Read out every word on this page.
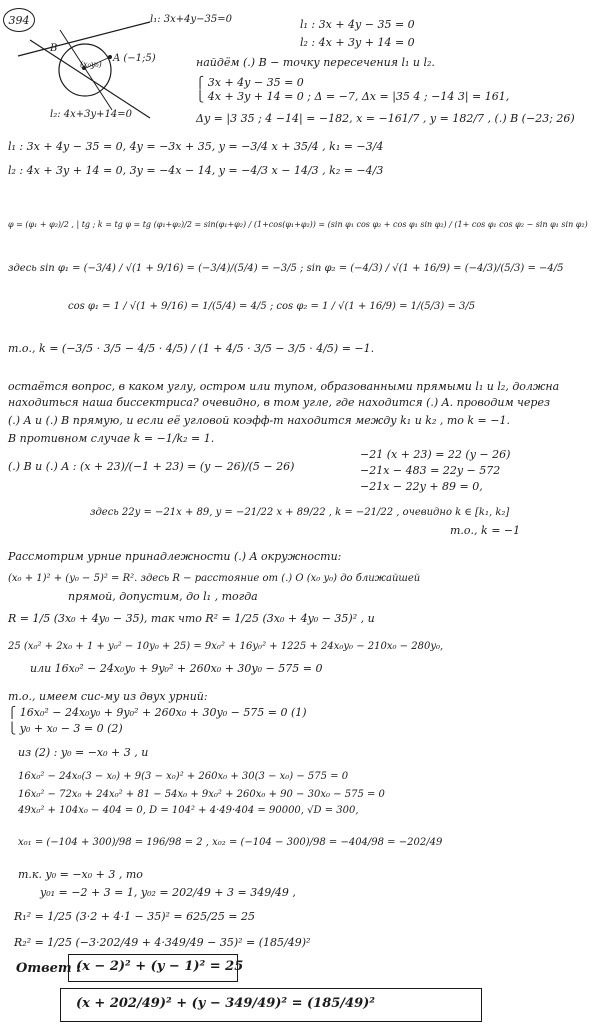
394	l₁: 3x+4y−35=0
l₂: 4x+3y+14=0
B
A (−1;5)
(x₀y₀)
l₁ : 3x + 4y − 35 = 0
l₂ : 4x + 3y + 14 = 0
найдём (.) B − точку пересечения l₁ и l₂.
⎧ 3x + 4y − 35 = 0
⎩ 4x + 3y + 14 = 0 ; Δ = −7, Δx = |35 4 ; −14 3| = 161,
Δy = |3 35 ; 4 −14| = −182, x = −161/7 , y = 182/7 , (.) B (−23; 26)
l₁ : 3x + 4y − 35 = 0, 4y = −3x + 35, y = −3/4 x + 35/4 , k₁ = −3/4
l₂ : 4x + 3y + 14 = 0, 3y = −4x − 14, y = −4/3 x − 14/3 , k₂ = −4/3
φ = (φ₁ + φ₂)/2 , | tg ; k = tg φ = tg (φ₁+φ₂)/2 = sin(φ₁+φ₂) / (1+cos(φ₁+φ₂)) = (sin φ₁ cos φ₂ + cos φ₁ sin φ₂) / (1+ cos φ₁ cos φ₂ − sin φ₁ sin φ₂)
здесь sin φ₁ = (−3/4) / √(1 + 9/16) = (−3/4)/(5/4) = −3/5 ; sin φ₂ = (−4/3) / √(1 + 16/9) = (−4/3)/(5/3) = −4/5
cos φ₁ = 1 / √(1 + 9/16) = 1/(5/4) = 4/5 ; cos φ₂ = 1 / √(1 + 16/9) = 1/(5/3) = 3/5
т.о., k = (−3/5 · 3/5 − 4/5 · 4/5) / (1 + 4/5 · 3/5 − 3/5 · 4/5) = −1.
остаётся вопрос, в каком углу, остром или тупом, образованными прямыми l₁ и l₂, должна
находиться наша биссектриса? очевидно, в том угле, где находится (.) A. проводим через
(.) A и (.) B прямую, и если её угловой коэфф-т находится между k₁ и k₂ , то k = −1.
В противном случае k = −1/k₂ = 1.
(.) B и (.) A : (x + 23)/(−1 + 23) = (y − 26)/(5 − 26)
−21 (x + 23) = 22 (y − 26)
−21x − 483 = 22y − 572
−21x − 22y + 89 = 0,
здесь 22y = −21x + 89, y = −21/22 x + 89/22 , k = −21/22 , очевидно k ∈ [k₁, k₂]
т.о., k = −1
Рассмотрим урние принадлежности (.) A окружности:
(x₀ + 1)² + (y₀ − 5)² = R². здесь R − расстояние от (.) O (x₀ y₀) до ближайшей
прямой, допустим, до l₁ , тогда
R = 1/5 (3x₀ + 4y₀ − 35), так что R² = 1/25 (3x₀ + 4y₀ − 35)² , и
25 (x₀² + 2x₀ + 1 + y₀² − 10y₀ + 25) = 9x₀² + 16y₀² + 1225 + 24x₀y₀ − 210x₀ − 280y₀,
или 16x₀² − 24x₀y₀ + 9y₀² + 260x₀ + 30y₀ − 575 = 0
т.о., имеем сис-му из двух урний:
⎧ 16x₀² − 24x₀y₀ + 9y₀² + 260x₀ + 30y₀ − 575 = 0 (1)
⎩ y₀ + x₀ − 3 = 0 (2)
из (2) : y₀ = −x₀ + 3 , и
16x₀² − 24x₀(3 − x₀) + 9(3 − x₀)² + 260x₀ + 30(3 − x₀) − 575 = 0
16x₀² − 72x₀ + 24x₀² + 81 − 54x₀ + 9x₀² + 260x₀ + 90 − 30x₀ − 575 = 0
49x₀² + 104x₀ − 404 = 0, D = 104² + 4·49·404 = 90000, √D = 300,
x₀₁ = (−104 + 300)/98 = 196/98 = 2 , x₀₂ = (−104 − 300)/98 = −404/98 = −202/49
т.к. y₀ = −x₀ + 3 , то
y₀₁ = −2 + 3 = 1, y₀₂ = 202/49 + 3 = 349/49 ,
R₁² = 1/25 (3·2 + 4·1 − 35)² = 625/25 = 25
R₂² = 1/25 (−3·202/49 + 4·349/49 − 35)² = (185/49)²
Ответ :
(x − 2)² + (y − 1)² = 25
(x + 202/49)² + (y − 349/49)² = (185/49)²
